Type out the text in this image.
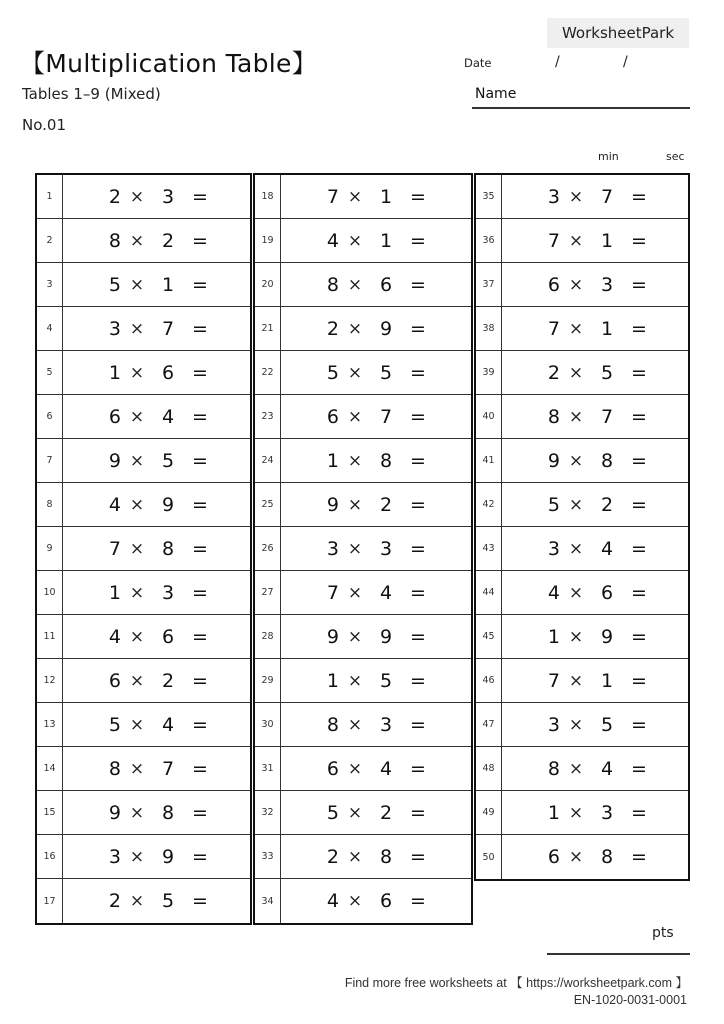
WorksheetPark
【Multiplication Table】
Tables 1–9 (Mixed)
No.01
Date	/	/
Name
min	sec
1	2 × 3 =
2	8 × 2 =
3	5 × 1 =
4	3 × 7 =
5	1 × 6 =
6	6 × 4 =
7	9 × 5 =
8	4 × 9 =
9	7 × 8 =
10	1 × 3 =
11	4 × 6 =
12	6 × 2 =
13	5 × 4 =
14	8 × 7 =
15	9 × 8 =
16	3 × 9 =
17	2 × 5 =
18	7 × 1 =
19	4 × 1 =
20	8 × 6 =
21	2 × 9 =
22	5 × 5 =
23	6 × 7 =
24	1 × 8 =
25	9 × 2 =
26	3 × 3 =
27	7 × 4 =
28	9 × 9 =
29	1 × 5 =
30	8 × 3 =
31	6 × 4 =
32	5 × 2 =
33	2 × 8 =
34	4 × 6 =
35	3 × 7 =
36	7 × 1 =
37	6 × 3 =
38	7 × 1 =
39	2 × 5 =
40	8 × 7 =
41	9 × 8 =
42	5 × 2 =
43	3 × 4 =
44	4 × 6 =
45	1 × 9 =
46	7 × 1 =
47	3 × 5 =
48	8 × 4 =
49	1 × 3 =
50	6 × 8 =
pts
Find more free worksheets at 【 https://worksheetpark.com 】
EN-1020-0031-0001
